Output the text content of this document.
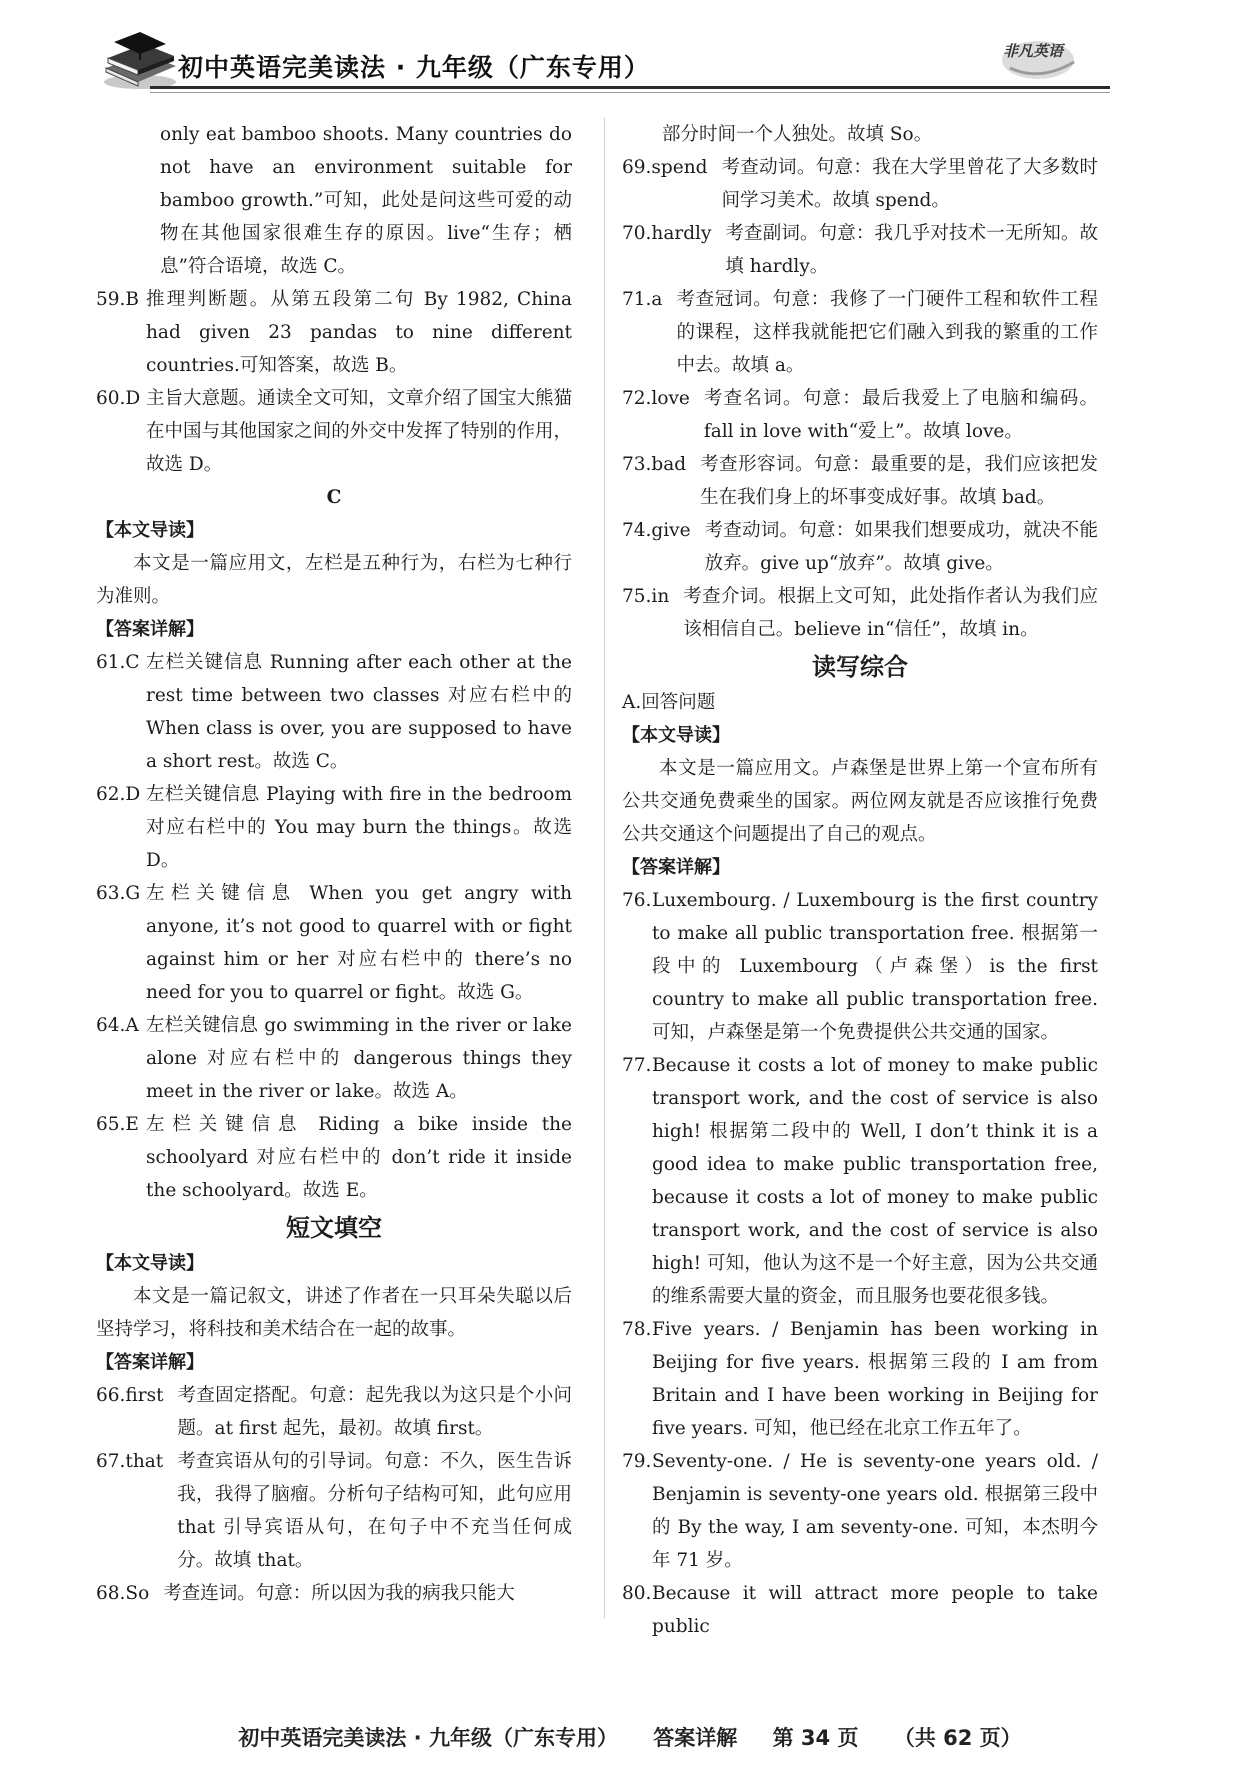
初中英语完美读法 · 九年级（广东专用）
非凡英语

only eat bamboo shoots. Many countries do not have an environment suitable for bamboo growth.”可知，此处是问这些可爱的动物在其他国家很难生存的原因。live“生存；栖息”符合语境，故选 C。

59.B 推理判断题。从第五段第二句 By 1982, China had given 23 pandas to nine different countries.可知答案，故选 B。
60.D 主旨大意题。通读全文可知，文章介绍了国宝大熊猫在中国与其他国家之间的外交中发挥了特别的作用，故选 D。

C

【本文导读】

本文是一篇应用文，左栏是五种行为，右栏为七种行为准则。

【答案详解】

61.C 左栏关键信息 Running after each other at the rest time between two classes 对应右栏中的 When class is over, you are supposed to have a short rest。故选 C。
62.D 左栏关键信息 Playing with fire in the bedroom 对应右栏中的 You may burn the things。故选 D。
63.G 左栏关键信息 When you get angry with anyone, it’s not good to quarrel with or fight against him or her 对应右栏中的 there’s no need for you to quarrel or fight。故选 G。
64.A 左栏关键信息 go swimming in the river or lake alone 对应右栏中的 dangerous things they meet in the river or lake。故选 A。
65.E 左栏关键信息 Riding a bike inside the schoolyard 对应右栏中的 don’t ride it inside the schoolyard。故选 E。
短文填空

【本文导读】

本文是一篇记叙文，讲述了作者在一只耳朵失聪以后坚持学习，将科技和美术结合在一起的故事。

【答案详解】

66.first 考查固定搭配。句意：起先我以为这只是个小问题。at first 起先，最初。故填 first。
67.that 考查宾语从句的引导词。句意：不久，医生告诉我，我得了脑瘤。分析句子结构可知，此句应用 that 引导宾语从句，在句子中不充当任何成分。故填 that。
68.So 考查连词。句意：所以因为我的病我只能大

部分时间一个人独处。故填 So。

69.spend 考查动词。句意：我在大学里曾花了大多数时间学习美术。故填 spend。
70.hardly 考查副词。句意：我几乎对技术一无所知。故填 hardly。
71.a 考查冠词。句意：我修了一门硬件工程和软件工程的课程，这样我就能把它们融入到我的繁重的工作中去。故填 a。
72.love 考查名词。句意：最后我爱上了电脑和编码。fall in love with“爱上”。故填 love。
73.bad 考查形容词。句意：最重要的是，我们应该把发生在我们身上的坏事变成好事。故填 bad。
74.give 考查动词。句意：如果我们想要成功，就决不能放弃。give up“放弃”。故填 give。
75.in 考查介词。根据上文可知，此处指作者认为我们应该相信自己。believe in“信任”，故填 in。
读写综合

A.回答问题

【本文导读】

本文是一篇应用文。卢森堡是世界上第一个宣布所有公共交通免费乘坐的国家。两位网友就是否应该推行免费公共交通这个问题提出了自己的观点。

【答案详解】

76. Luxembourg. / Luxembourg is the first country to make all public transportation free. 根据第一段中的 Luxembourg（卢森堡）is the first country to make all public transportation free. 可知，卢森堡是第一个免费提供公共交通的国家。
77. Because it costs a lot of money to make public transport work, and the cost of service is also high! 根据第二段中的 Well, I don’t think it is a good idea to make public transportation free, because it costs a lot of money to make public transport work, and the cost of service is also high! 可知，他认为这不是一个好主意，因为公共交通的维系需要大量的资金，而且服务也要花很多钱。
78. Five years. / Benjamin has been working in Beijing for five years. 根据第三段的 I am from Britain and I have been working in Beijing for five years. 可知，他已经在北京工作五年了。
79. Seventy-one. / He is seventy-one years old. / Benjamin is seventy-one years old. 根据第三段中的 By the way, I am seventy-one. 可知，本杰明今年 71 岁。
80. Because it will attract more people to take public
初中英语完美读法 · 九年级（广东专用） 答案详解 第 34 页 （共 62 页）
